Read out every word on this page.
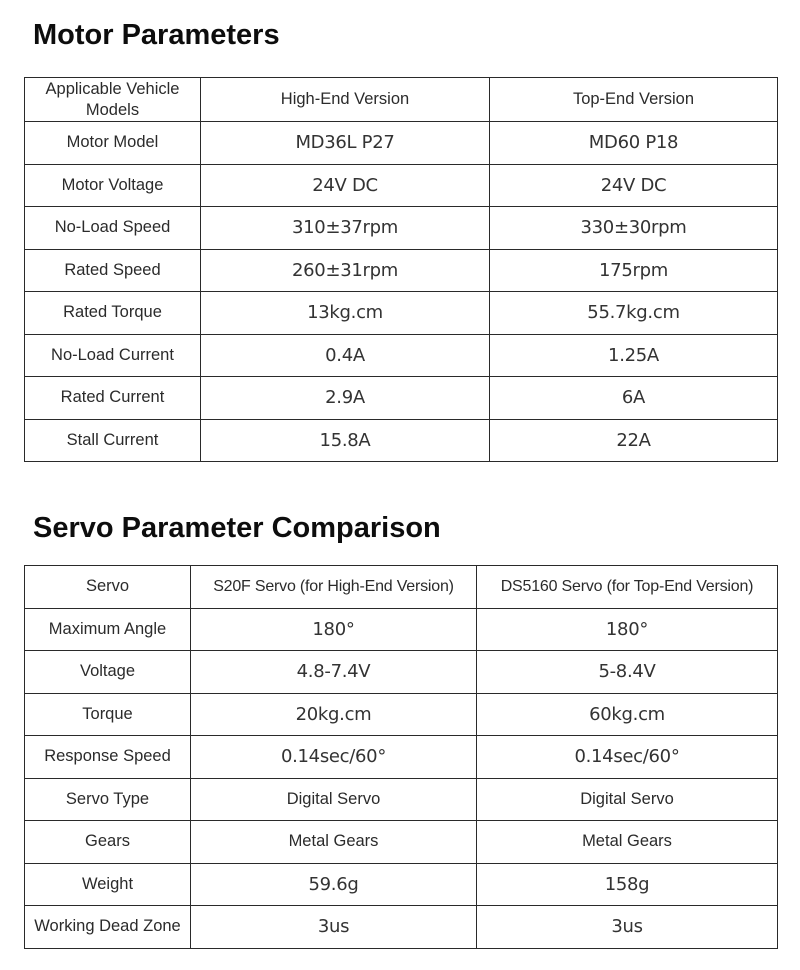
Motor Parameters
Applicable Vehicle Models	High-End Version	Top-End Version
Motor Model	MD36L P27	MD60 P18
Motor Voltage	24V DC	24V DC
No-Load Speed	310±37rpm	330±30rpm
Rated Speed	260±31rpm	175rpm
Rated Torque	13kg.cm	55.7kg.cm
No-Load Current	0.4A	1.25A
Rated Current	2.9A	6A
Stall Current	15.8A	22A
Servo Parameter Comparison
Servo	S20F Servo (for High-End Version)	DS5160 Servo (for Top-End Version)
Maximum Angle	180°	180°
Voltage	4.8-7.4V	5-8.4V
Torque	20kg.cm	60kg.cm
Response Speed	0.14sec/60°	0.14sec/60°
Servo Type	Digital Servo	Digital Servo
Gears	Metal Gears	Metal Gears
Weight	59.6g	158g
Working Dead Zone	3us	3us
